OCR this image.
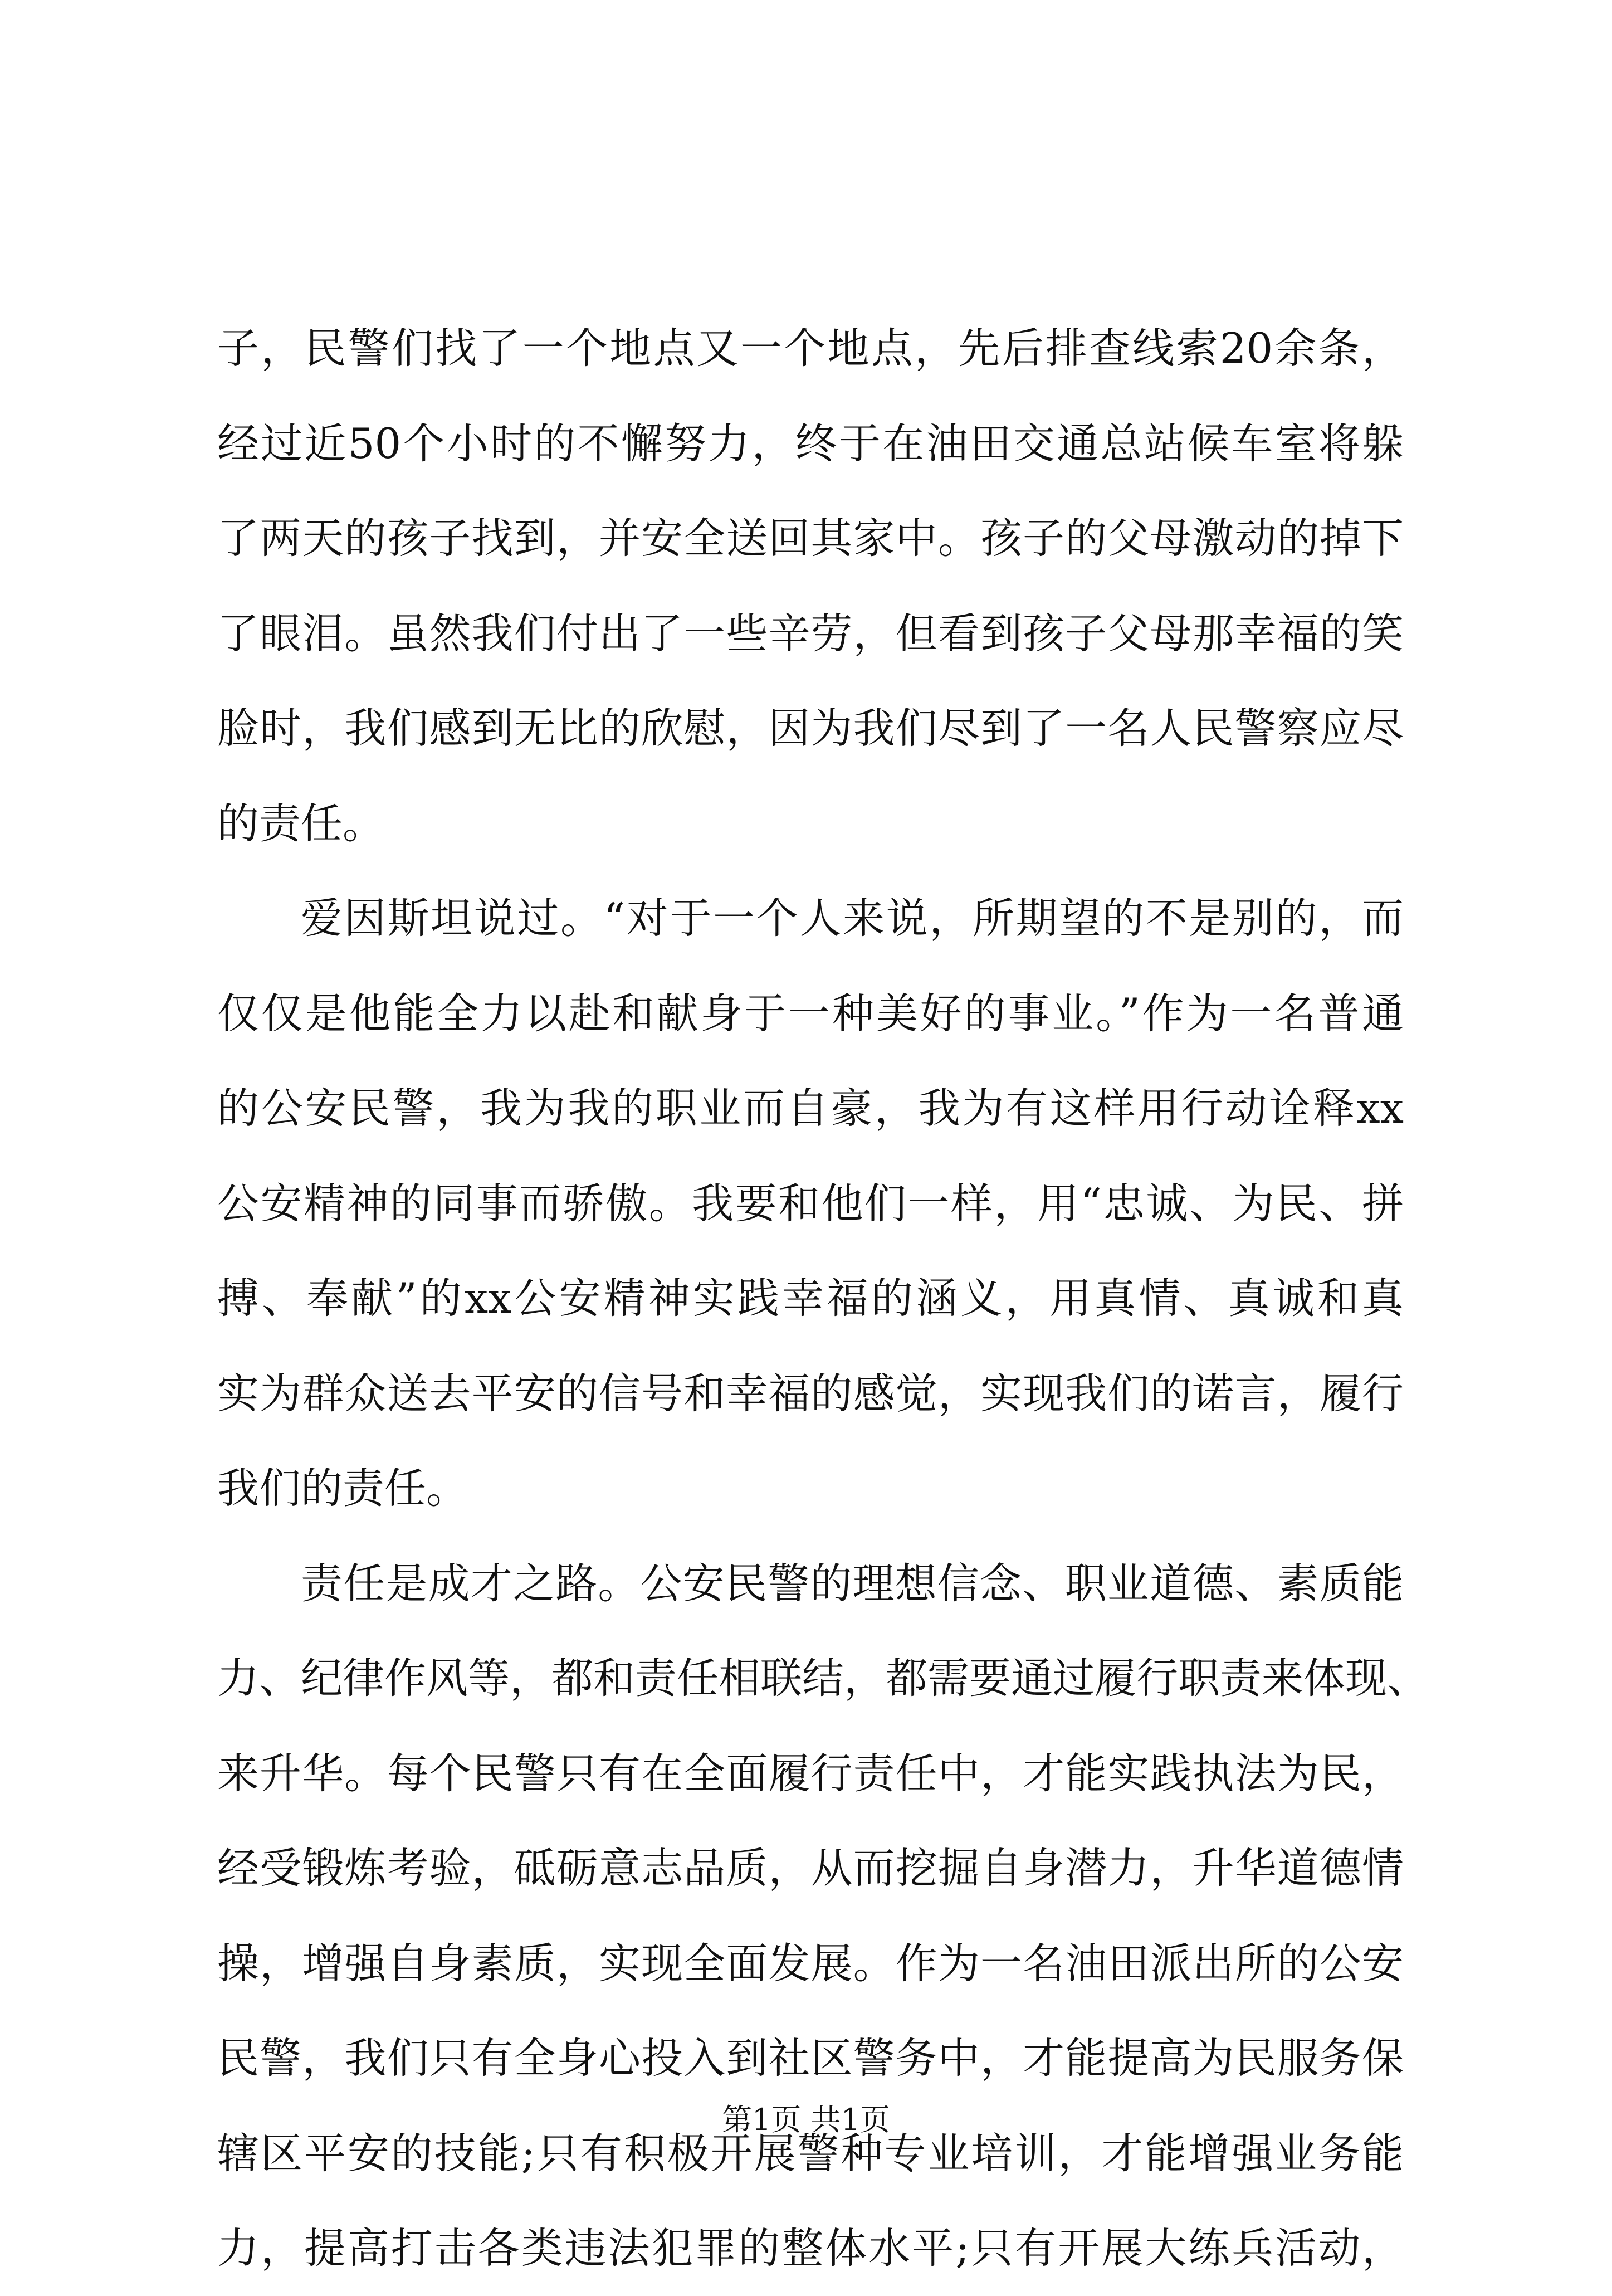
子，民警们找了一个地点又一个地点，先后排查线索20余条，
经过近50个小时的不懈努力，终于在油田交通总站候车室将躲
了两天的孩子找到，并安全送回其家中。孩子的父母激动的掉下
了眼泪。虽然我们付出了一些辛劳，但看到孩子父母那幸福的笑
脸时，我们感到无比的欣慰，因为我们尽到了一名人民警察应尽
的责任。
爱因斯坦说过。“对于一个人来说，所期望的不是别的，而
仅仅是他能全力以赴和献身于一种美好的事业。”作为一名普通
的公安民警，我为我的职业而自豪，我为有这样用行动诠释xx
公安精神的同事而骄傲。我要和他们一样，用“忠诚、为民、拼
搏、奉献”的xx公安精神实践幸福的涵义，用真情、真诚和真
实为群众送去平安的信号和幸福的感觉，实现我们的诺言，履行
我们的责任。
责任是成才之路。公安民警的理想信念、职业道德、素质能
力、纪律作风等，都和责任相联结，都需要通过履行职责来体现、
来升华。每个民警只有在全面履行责任中，才能实践执法为民，
经受锻炼考验，砥砺意志品质，从而挖掘自身潜力，升华道德情
操，增强自身素质，实现全面发展。作为一名油田派出所的公安
民警，我们只有全身心投入到社区警务中，才能提高为民服务保
辖区平安的技能;只有积极开展警种专业培训，才能增强业务能
力，提高打击各类违法犯罪的整体水平;只有开展大练兵活动，
第1页 共1页
